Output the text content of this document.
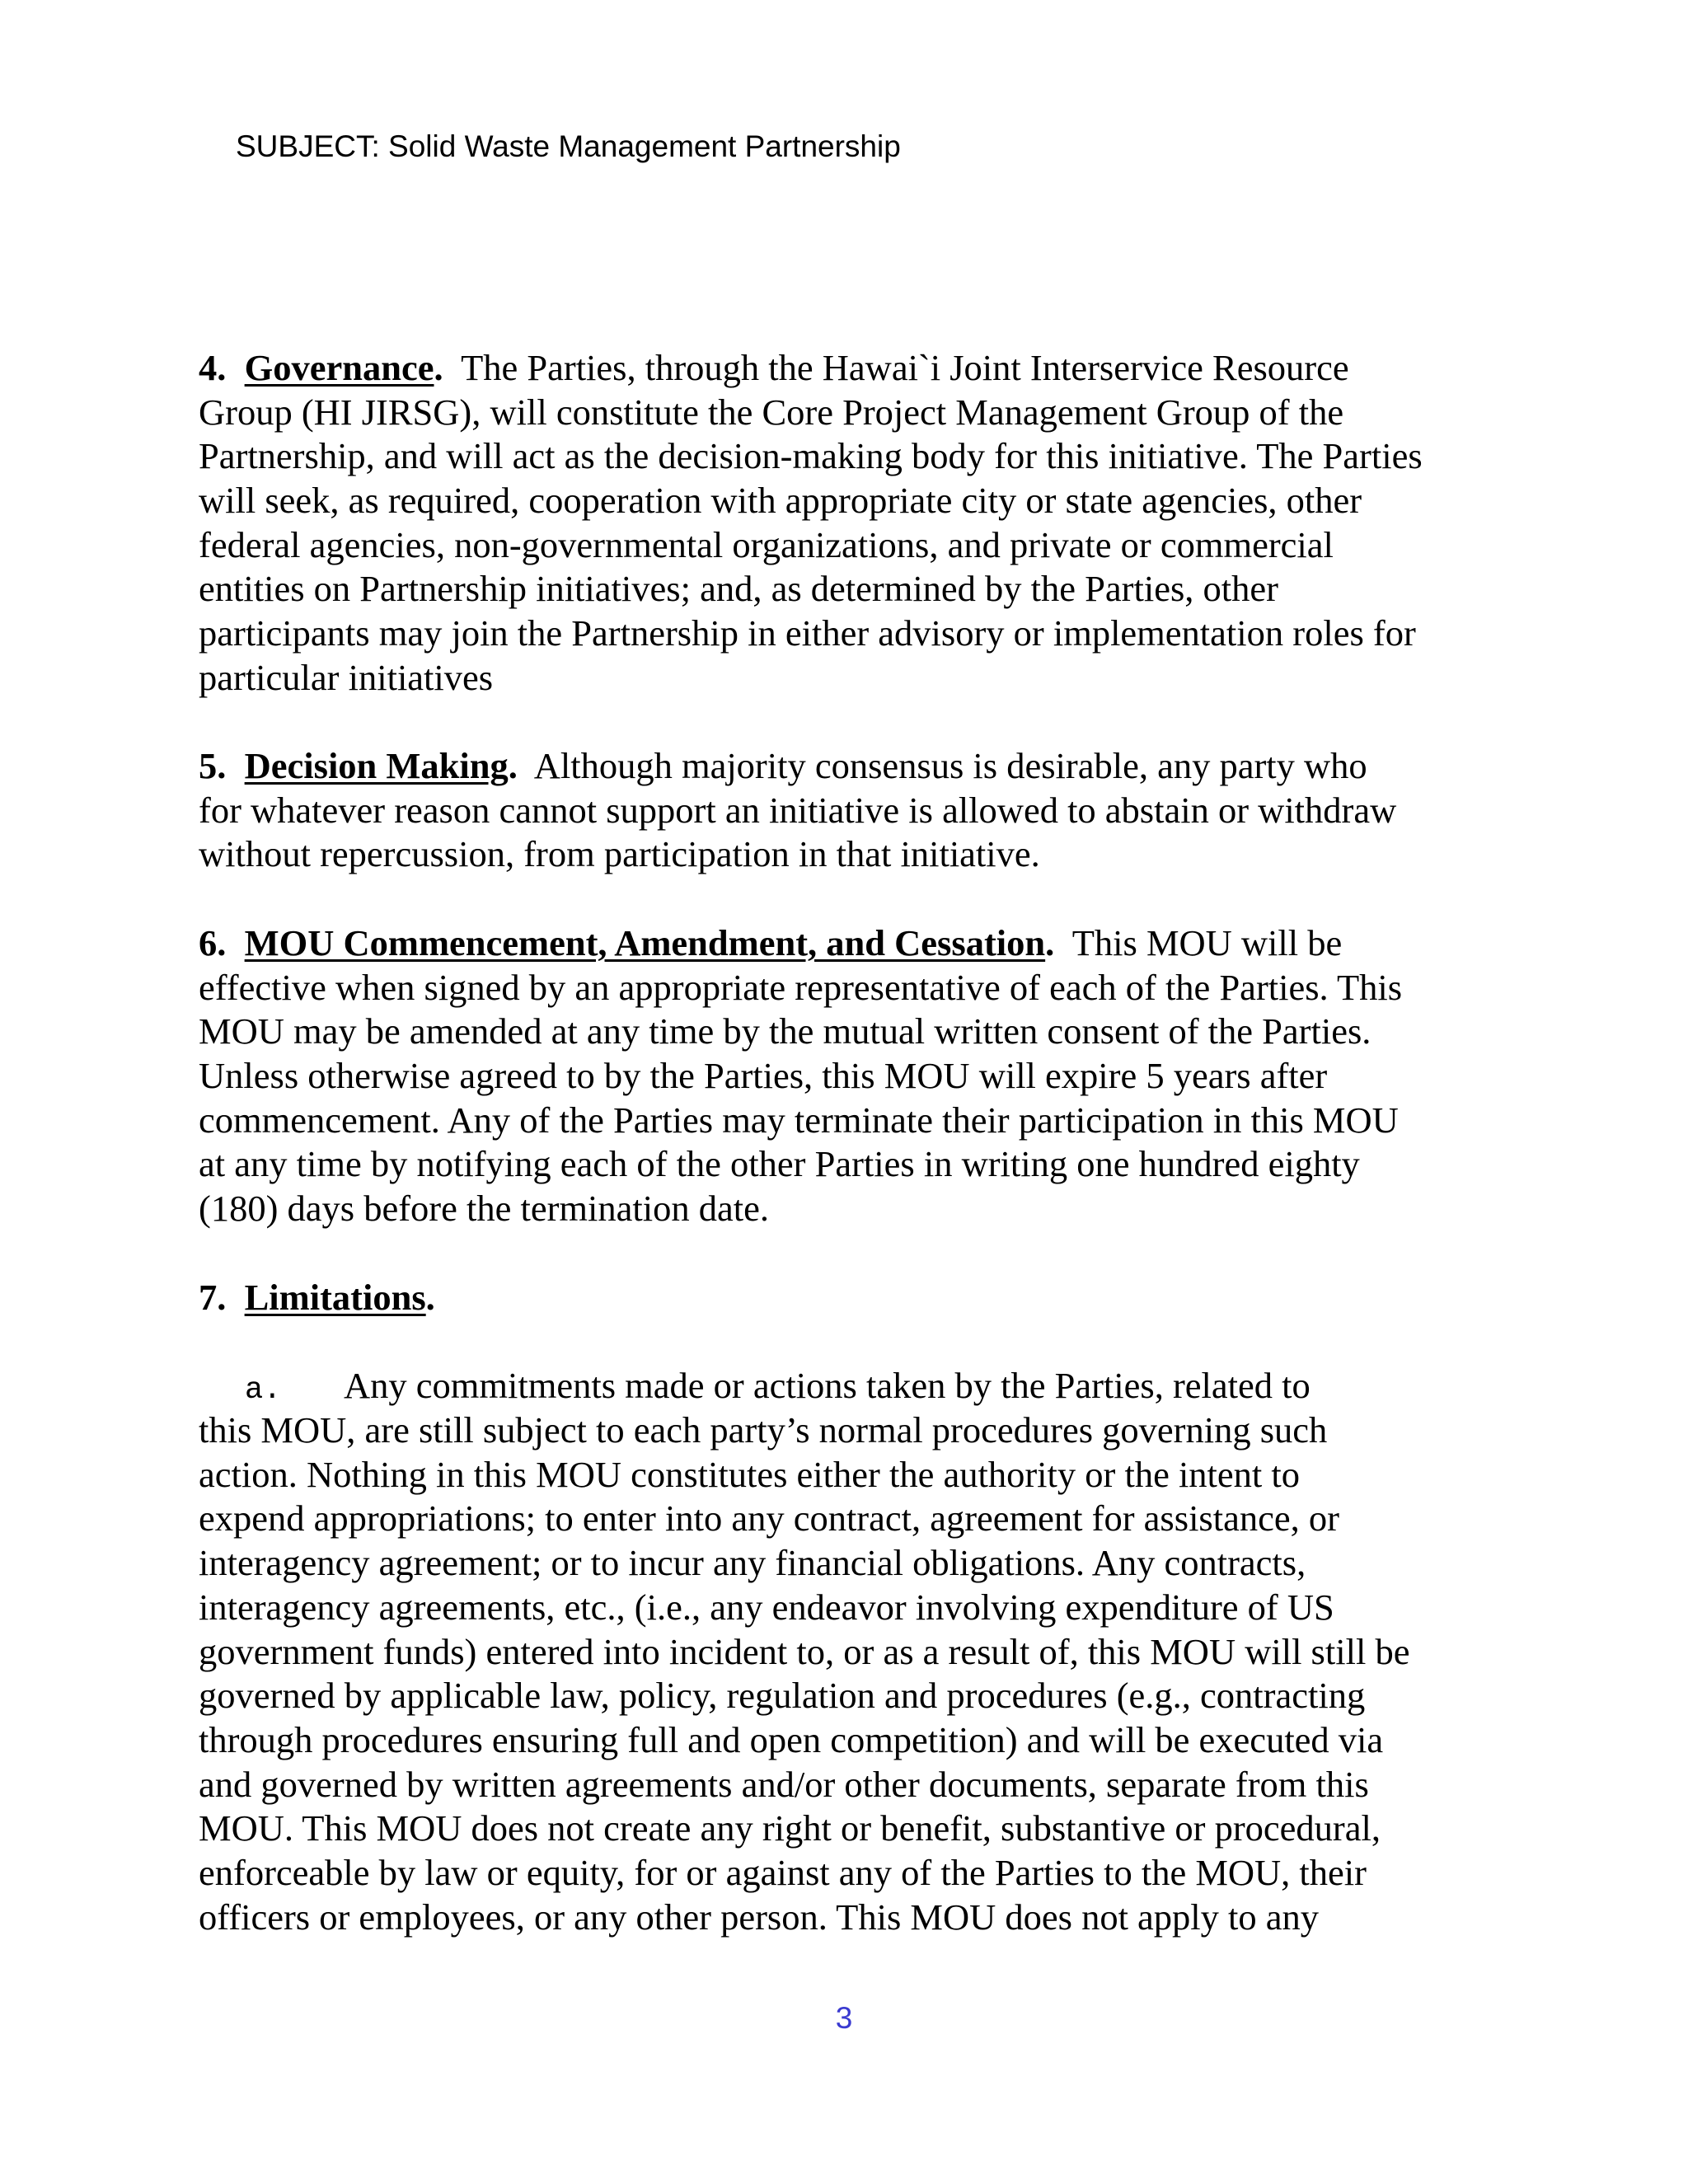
SUBJECT: Solid Waste Management Partnership
4. Governance.  The Parties, through the Hawai`i Joint Interservice Resource
Group (HI JIRSG), will constitute the Core Project Management Group of the
Partnership, and will act as the decision-making body for this initiative. The Parties
will seek, as required, cooperation with appropriate city or state agencies, other
federal agencies, non-governmental organizations, and private or commercial
entities on Partnership initiatives; and, as determined by the Parties, other
participants may join the Partnership in either advisory or implementation roles for
particular initiatives
5. Decision Making.  Although majority consensus is desirable, any party who
for whatever reason cannot support an initiative is allowed to abstain or withdraw
without repercussion, from participation in that initiative.
6. MOU Commencement, Amendment, and Cessation.  This MOU will be
effective when signed by an appropriate representative of each of the Parties. This
MOU may be amended at any time by the mutual written consent of the Parties.
Unless otherwise agreed to by the Parties, this MOU will expire 5 years after
commencement. Any of the Parties may terminate their participation in this MOU
at any time by notifying each of the other Parties in writing one hundred eighty
(180) days before the termination date.
7. Limitations.
a. Any commitments made or actions taken by the Parties, related to
this MOU, are still subject to each party’s normal procedures governing such
action. Nothing in this MOU constitutes either the authority or the intent to
expend appropriations; to enter into any contract, agreement for assistance, or
interagency agreement; or to incur any financial obligations. Any contracts,
interagency agreements, etc., (i.e., any endeavor involving expenditure of US
government funds) entered into incident to, or as a result of, this MOU will still be
governed by applicable law, policy, regulation and procedures (e.g., contracting
through procedures ensuring full and open competition) and will be executed via
and governed by written agreements and/or other documents, separate from this
MOU. This MOU does not create any right or benefit, substantive or procedural,
enforceable by law or equity, for or against any of the Parties to the MOU, their
officers or employees, or any other person. This MOU does not apply to any
3
